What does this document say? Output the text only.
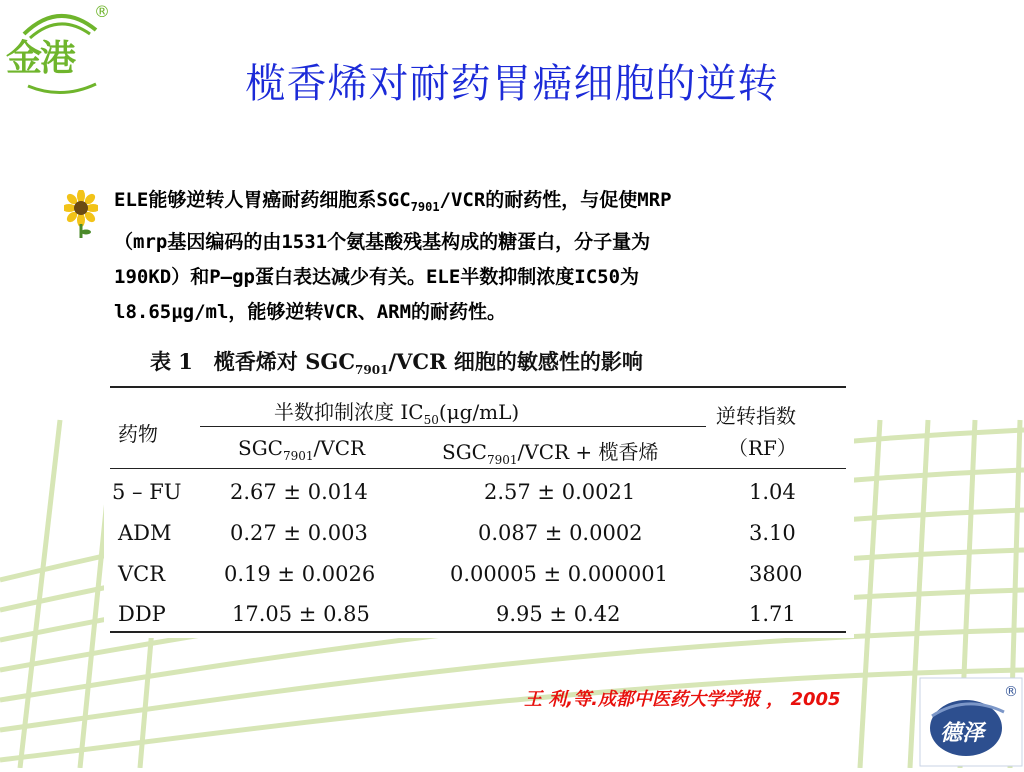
金港
®
榄香烯对耐药胃癌细胞的逆转

ELE能够逆转人胃癌耐药细胞系$SGC_{7901}$/VCR的耐药性，与促使MRP

（mrp基因编码的由1531个氨基酸残基构成的糖蛋白，分子量为

190KD）和P—gp蛋白表达减少有关。ELE半数抑制浓度IC50为

l8.65μg/ml，能够逆转VCR、ARM的耐药性。

表 1　榄香烯对 $SGC_{7901}$/VCR 细胞的敏感性的影响
药物
半数抑制浓度 $IC_{50}(\mu g/mL)$
$SGC_{7901}$/VCR	$SGC_{7901}$/VCR + 榄香烯
逆转指数
（RF）
5 – FU 2.67 ± 0.014	2.57 ± 0.0021	1.04
ADM	0.27 ± 0.003	0.087 ± 0.0002	3.10
VCR	0.19 ± 0.0026	0.00005 ± 0.000001	3800
DDP	17.05 ± 0.85	9.95 ± 0.42	1.71
王 利,等.成都中医药大学学报 ， 2005	®
德泽
